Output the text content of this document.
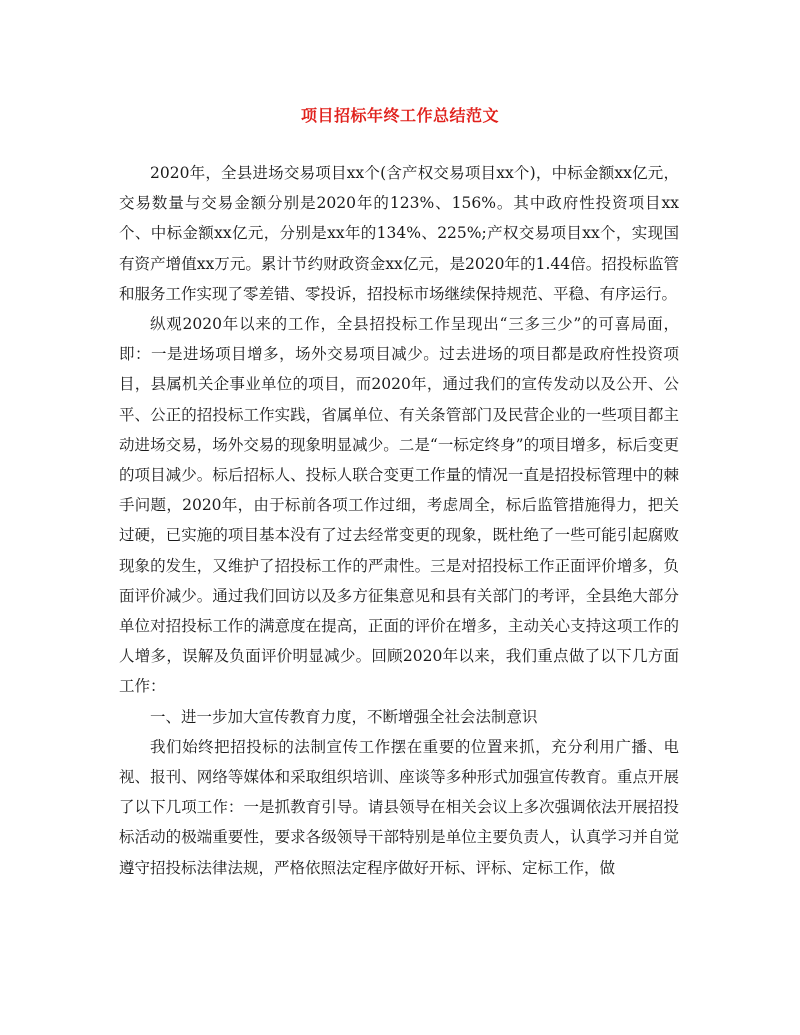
项目招标年终工作总结范文

2020年，全县进场交易项目xx个(含产权交易项目xx个)，中标金额xx亿元，交易数量与交易金额分别是2020年的123%、156%。其中政府性投资项目xx个、中标金额xx亿元，分别是xx年的134%、225%;产权交易项目xx个，实现国有资产增值xx万元。累计节约财政资金xx亿元，是2020年的1.44倍。招投标监管和服务工作实现了零差错、零投诉，招投标市场继续保持规范、平稳、有序运行。

纵观2020年以来的工作，全县招投标工作呈现出“三多三少”的可喜局面，即：一是进场项目增多，场外交易项目减少。过去进场的项目都是政府性投资项目，县属机关企事业单位的项目，而2020年，通过我们的宣传发动以及公开、公平、公正的招投标工作实践，省属单位、有关条管部门及民营企业的一些项目都主动进场交易，场外交易的现象明显减少。二是“一标定终身”的项目增多，标后变更的项目减少。标后招标人、投标人联合变更工作量的情况一直是招投标管理中的棘手问题，2020年，由于标前各项工作过细，考虑周全，标后监管措施得力，把关过硬，已实施的项目基本没有了过去经常变更的现象，既杜绝了一些可能引起腐败现象的发生，又维护了招投标工作的严肃性。三是对招投标工作正面评价增多，负面评价减少。通过我们回访以及多方征集意见和县有关部门的考评，全县绝大部分单位对招投标工作的满意度在提高，正面的评价在增多，主动关心支持这项工作的人增多，误解及负面评价明显减少。回顾2020年以来，我们重点做了以下几方面工作：

一、进一步加大宣传教育力度，不断增强全社会法制意识

我们始终把招投标的法制宣传工作摆在重要的位置来抓，充分利用广播、电视、报刊、网络等媒体和采取组织培训、座谈等多种形式加强宣传教育。重点开展了以下几项工作：一是抓教育引导。请县领导在相关会议上多次强调依法开展招投标活动的极端重要性，要求各级领导干部特别是单位主要负责人，认真学习并自觉遵守招投标法律法规，严格依照法定程序做好开标、评标、定标工作，做
